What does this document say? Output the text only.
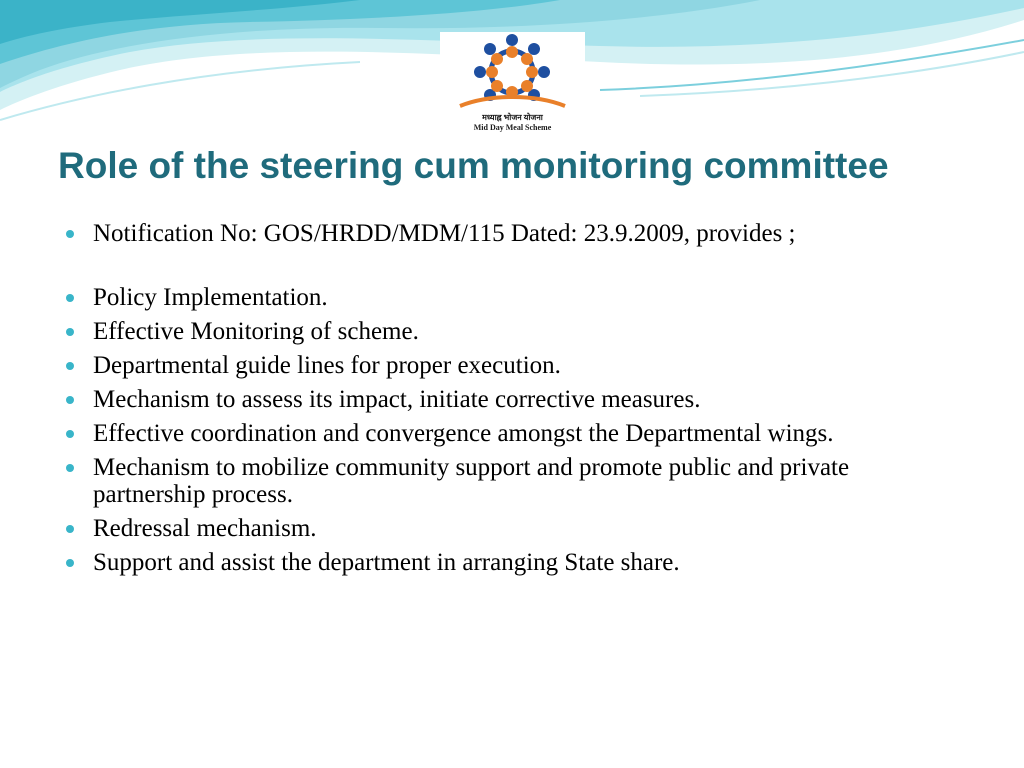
मध्याह्न भोजन योजना
Mid Day Meal Scheme
Role of the steering cum monitoring committee
Notification No: GOS/HRDD/MDM/115 Dated: 23.9.2009, provides ;
Policy Implementation.
Effective Monitoring of scheme.
Departmental guide lines for proper execution.
Mechanism to assess its impact, initiate corrective measures.
Effective coordination and convergence amongst the Departmental wings.
Mechanism to mobilize community support and promote public and private partnership process.
Redressal mechanism.
Support and assist the department in arranging State share.
